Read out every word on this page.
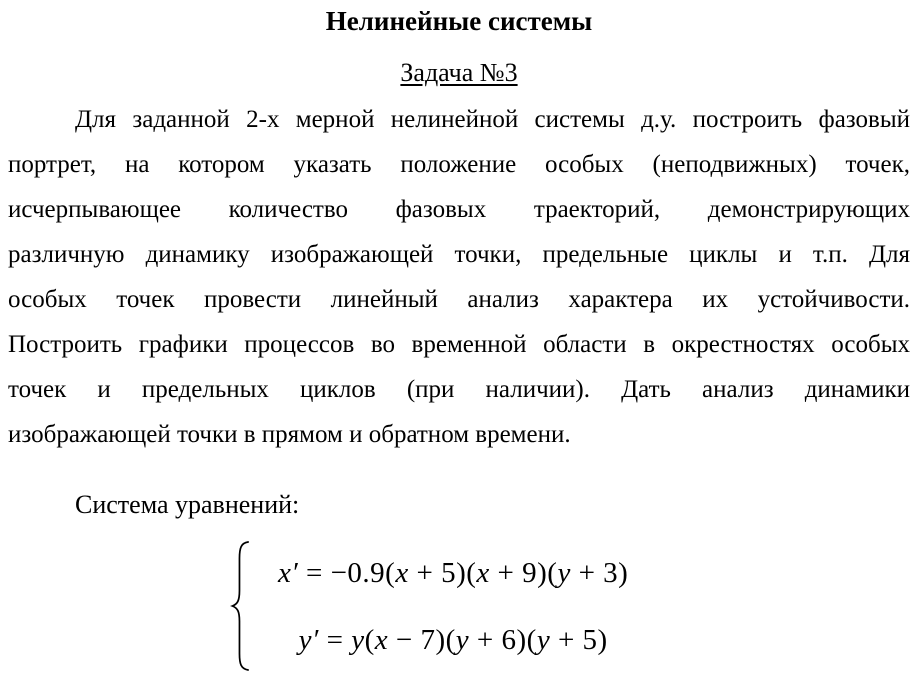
Нелинейные системы
Задача №3
Для заданной 2-х мерной нелинейной системы д.у. построить фазовый
портрет, на котором указать положение особых (неподвижных) точек,
исчерпывающее количество фазовых траекторий, демонстрирующих
различную динамику изображающей точки, предельные циклы и т.п. Для
особых точек провести линейный анализ характера их устойчивости.
Построить графики процессов во временной области в окрестностях особых
точек и предельных циклов (при наличии). Дать анализ динамики
изображающей точки в прямом и обратном времени.
Система уравнений:
x′ = −0.9(x + 5)(x + 9)(y + 3)
y′ = y(x − 7)(y + 6)(y + 5)
